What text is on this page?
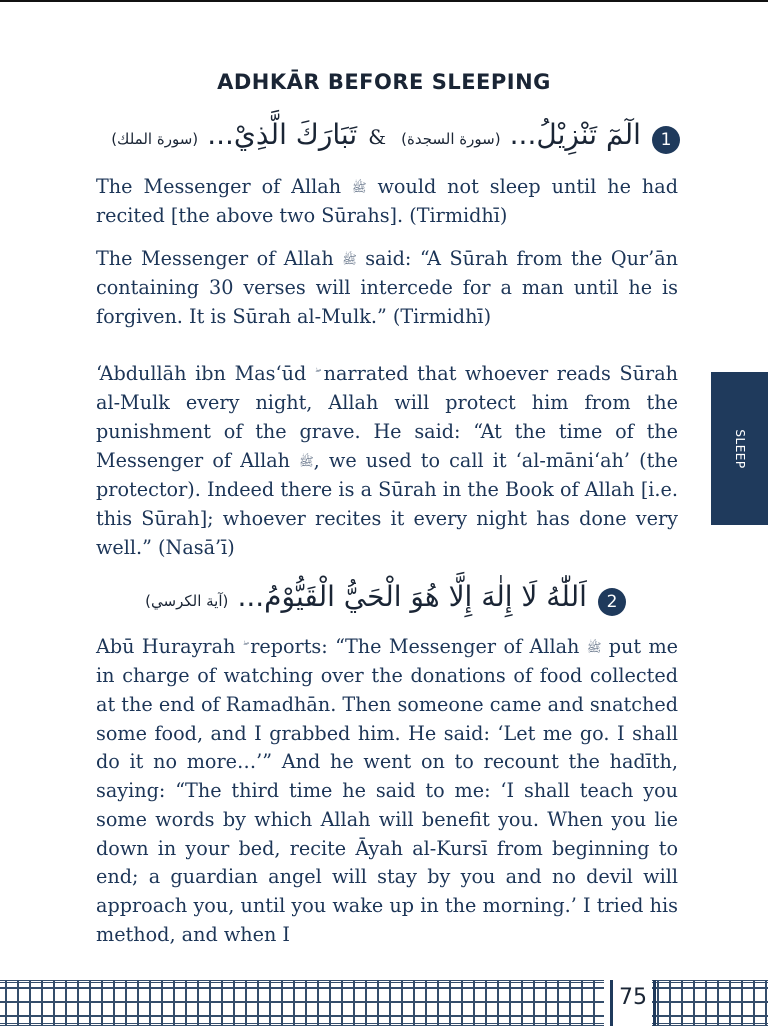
ADHKĀR BEFORE SLEEPING
1 الٓمٓ تَنْزِيْلُ... (سورة السجدة) & تَبَارَكَ الَّذِيْ... (سورة الملك)

The Messenger of Allah ﷺ would not sleep until he had recited [the above two Sūrahs]. (Tirmidhī)

The Messenger of Allah ﷺ said: “A Sūrah from the Qur’ān containing 30 verses will intercede for a man until he is forgiven. It is Sūrah al-Mulk.” (Tirmidhī)

‘Abdullāh ibn Mas‘ūd narrated that whoever reads Sūrah al-Mulk every night, Allah will protect him from the punishment of the grave. He said: “At the time of the Messenger of Allah ﷺ, we used to call it ‘al-māni‘ah’ (the protector). Indeed there is a Sūrah in the Book of Allah [i.e. this Sūrah]; whoever recites it every night has done very well.” (Nasā’ī)

2 اَللّٰهُ لَا إِلٰهَ إِلَّا هُوَ الْحَيُّ الْقَيُّوْمُ... (آية الكرسي)

Abū Hurayrah reports: “The Messenger of Allah ﷺ put me in charge of watching over the donations of food collected at the end of Ramadhān. Then someone came and snatched some food, and I grabbed him. He said: ‘Let me go. I shall do it no more…’” And he went on to recount the hadīth, saying: “The third time he said to me: ‘I shall teach you some words by which Allah will benefit you. When you lie down in your bed, recite Āyah al-Kursī from beginning to end; a guardian angel will stay by you and no devil will approach you, until you wake up in the morning.’ I tried his method, and when I

SLEEP
75
